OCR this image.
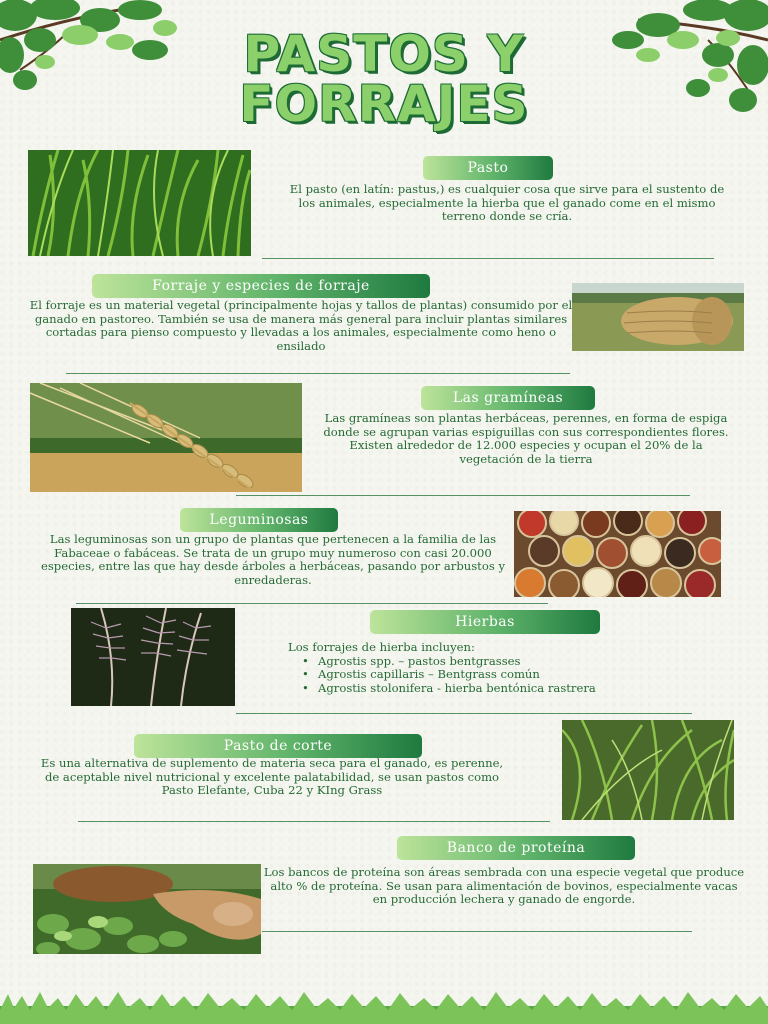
PASTOS Y
FORRAJES
Pasto
El pasto (en latín: pastus,) es cualquier cosa que sirve para el sustento de los animales, especialmente la hierba que el ganado come en el mismo terreno donde se cría.
Forraje y especies de forraje
El forraje es un material vegetal (principalmente hojas y tallos de plantas) consumido por el ganado en pastoreo. También se usa de manera más general para incluir plantas similares cortadas para pienso compuesto y llevadas a los animales, especialmente como heno o ensilado
Las gramíneas
Las gramíneas son plantas herbáceas, perennes, en forma de espiga donde se agrupan varias espiguillas con sus correspondientes flores. Existen alrededor de 12.000 especies y ocupan el 20% de la vegetación de la tierra
Leguminosas
Las leguminosas son un grupo de plantas que pertenecen a la familia de las Fabaceae o fabáceas. Se trata de un grupo muy numeroso con casi 20.000 especies, entre las que hay desde árboles a herbáceas, pasando por arbustos y enredaderas.
Hierbas
Los forrajes de hierba incluyen:
• Agrostis spp. – pastos bentgrasses
• Agrostis capillaris – Bentgrass común
• Agrostis stolonifera - hierba bentónica rastrera
Pasto de corte
Es una alternativa de suplemento de materia seca para el ganado, es perenne, de aceptable nivel nutricional y excelente palatabilidad, se usan pastos como Pasto Elefante, Cuba 22 y KIng Grass
Banco de proteína
Los bancos de proteína son áreas sembrada con una especie vegetal que produce alto % de proteína. Se usan para alimentación de bovinos, especialmente vacas en producción lechera y ganado de engorde.
